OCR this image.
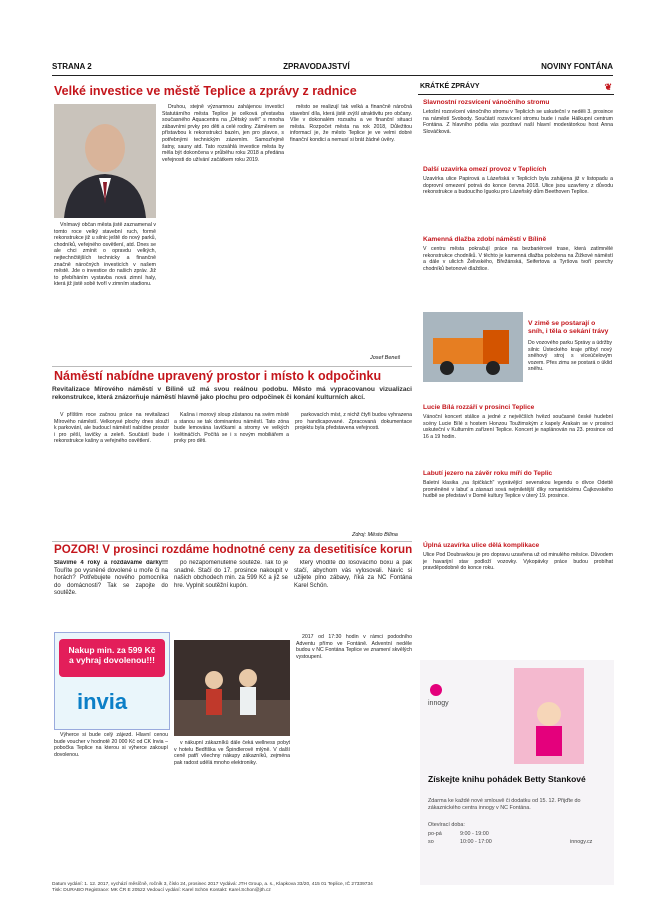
STRANA 2	ZPRAVODAJSTVÍ	NOVINY FONTÁNA
Velké investice ve městě Teplice a zprávy z radnice

Vnímavý občan města jistě zaznamenal v tomto roce velký stavební ruch, formě rekonstrukce již u silnic ještě do nový parků, chodníků, veřejného osvětlení, atd. Dnes se ale chci zmínit o opravdu velkých, nejtechnčtějších technicky a finančně značně náročných investicích v našem městě. Jde o investice do našich zpráv. Již to přebíháním vystavba nová zimní haly, která již jistě sobě tvoří v zimním stadionu.

Druhou, stejně významnou zahájenou investicí Statutárního města Teplice je celková přestavba současného Aquacentra na „Dětský svět" s mnoha zábavními prvky pro děti a celé rodiny. Záměrem se přístavbou k rekonstrukci bazén, jen pro plavce, s potřebnými technickým zázemím. Samozřejmě šatny, sauny atd. Tato rozsáhlá investice města by měla být dokončena v průběhu roku 2018 a předána veřejnosti do užívání začátkem roku 2019.

město se realizují tak velká a finančně náročná stavební díla, která jistě zvýší atraktivitu pro občany. Vše v dokonalém rozsahu a ve finanční situaci města. Rozpočet města na rok 2018, Důležitou informací je, že město Teplice je ve velmi dobré finanční kondici a nemusí si brát žádné úvěry.

Josef Beneš
Náměstí nabídne upravený prostor i místo k odpočinku
Revitalizace Mírového náměstí v Bílině už má svou reálnou podobu. Město má vypracovanou vizualizaci rekonstrukce, která znázorňuje náměstí hlavně jako plochu pro odpočinek či konání kulturních akcí.

V příštím roce začnou práce na revitalizaci Mírového náměstí. Velkorysé plochy dnes slouží k parkování, ale budoucí náměstí nabídne prostor i pro pěší, lavičky a zeleň. Součástí bude i rekonstrukce kašny a veřejného osvětlení.

Kašna i morový sloup zůstanou na svém místě a stanou se tak dominantou náměstí. Tato zóna bude lemována lavičkami a stromy ve velkých květináčích. Počítá se i s novým mobiliářem a prvky pro děti.

parkovacích míst, z nichž čtyři budou vyhrazena pro handicapované. Zpracovaná dokumentace projektu byla představena veřejnosti.

Zdroj: Město Bílina
POZOR! V prosinci rozdáme hodnotné ceny za desetitisíce korun
Slavíme 4 roky a rozdáváme dárky!!! Touříte po vysněné dovolené u moře či na horách? Potřebujete nového pomocníka do domácnosti? Tak se zapojte do soutěže.

po nezapomenutelné soutěže. Tak to je snadné. Stačí do 17. prosince nakoupit v našich obchodech min. za 599 Kč a již se hre. Vyplnit soutěžní kupón.

který vhodíte do losovacího boxu a pak stačí, abychom vás vylosovali. Navíc si užijete plno zábavy, říká za NC Fontána Karel Schön.

Nakup min. za 599 Kč
a vyhraj dovolenou!!!
invia

Výherce si bude celý zájezd. Hlavní cenou bude voucher v hodnotě 20 000 Kč od CK Invia – pobočka Teplice na kterou si výherce zakoupí dovolenou.

v nákupní zákazníků dále čeká wellness pobyt v hotelu Bedřiška ve Špindlerově mlýně. V další ceně patří všechny nákupy zákazníků, zejména pak radost udělá mnoho elektroniky.

2017 od 17:30 hodin v rámci pododního Adventu přímo ve Fontáně. Adventní neděle budou v NC Fontána Teplice ve znamení skvělých vystoupení.

KRÁTKÉ ZPRÁVY	❦
Slavnostní rozsvícení vánočního stromu
Letošní rozsvícení vánočního stromu v Teplicích se uskuteční v neděli 3. prosince na náměstí Svobody. Součástí rozsvícení stromu bude i naše Hálkupní centrum Fontána. Z hlavního pódia vás pozdraví naší hlavní moderátorkou host Anna Slováčková.
Další uzavírka omezí provoz v Teplicích
Uzavírka ulice Papirová a Lázeňská v Teplicích byla zahájena již v listopadu a doprovní omezení potrvá do konce června 2018. Ulice jsou uzavřeny z důvodu rekonstrukce a budoucího Iguoku pro Lázeňský dům Beethoven Teplice.
Kamenná dlažba zdobí náměstí v Bílině
V centru města pokračují práce na bezbariérové trase, která zatímnělé rekonstrukce chodníků. V těchto je kamenná dlažba položena na Žižkové náměstí a dále v ulicích Želivského, Břežánská, Seifertova a Tyršova tvoří povrchy chodníků betonové dlaždice.
V zimě se postarají o sníh, i těla o sekání trávy
Do vozového parku Správy a údržby silnic Ústeckého kraje přibyl nový sněhový stroj s víceúčelovým vozem. Přes zimu se postará o úklid sněhu.
Lucie Bílá rozzáří v prosinci Teplice
Vánoční koncert stálice a jedné z nejvěčších hvězd současné české hudební scény Lucie Bílé s hostem Honzou Toužimským z kapely Arakain se v prosinci uskuteční v Kulturním zařízení Teplice. Koncert je naplánován na 23. prosince od 16 a 19 hodin.
Labutí jezero na závěr roku míří do Teplic
Baletní klasika „na špičkách" vyprávějící sevenskou legendu o dívce Odettě proměněné v labuť a zásnazi sová nejmiletější díky romantickému Čajkovského hudbě se představí v Domě kultury Teplice v úterý 19. prosince.
Úplná uzavírka ulice dělá komplikace
Ulice Pod Doubravkou je pro dopravu uzavřena už od minulého měsíce. Důvodem je havarijní stav podloží vozovky. Vykopávky práce budou probíhat pravděpodobně do konce roku.
innogy
Získejte knihu pohádek Betty Stankové
Zdarma ke každé nové smlouvě či dodatku od 15. 12. Přijďte do zákaznického centra innogy v NC Fontána.
Otevírací doba:
po-pá	9:00 - 19:00
so	10:00 - 17:00	innogy.cz
Datum vydání: 1. 12. 2017, vychází měsíčně, ročník 3, číslo 24, prosinec 2017 Vydává: JTH Group, a. s., Klapkova 33/20, 415 01 Teplice, IČ 27339734
Tisk: DURABO Registrace: MK ČR E 20522 Vedoucí vydání: Karel Schön Kontakt: Karel.Schon@jth.cz
